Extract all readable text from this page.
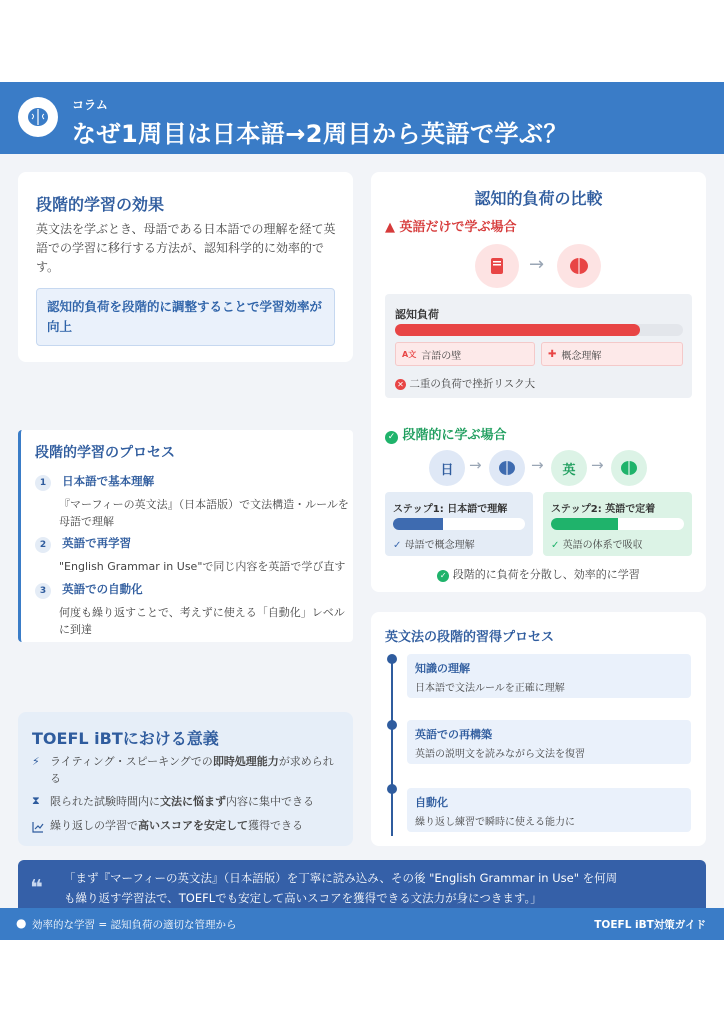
コラム
なぜ1周目は日本語→2周目から英語で学ぶ？
段階的学習の効果
英文法を学ぶとき、母語である日本語での理解を経て英語での学習に移行する方法が、認知科学的に効率的です。
認知的負荷を段階的に調整することで学習効率が向上
段階的学習のプロセス
1 日本語で基本理解
『マーフィーの英文法』（日本語版）で文法構造・ルールを母語で理解
2 英語で再学習
"English Grammar in Use"で同じ内容を英語で学び直す
3 英語での自動化
何度も繰り返すことで、考えずに使える「自動化」レベルに到達
TOEFL iBTにおける意義
⚡ ライティング・スピーキングでの即時処理能力が求められる
⧗ 限られた試験時間内に文法に悩まず内容に集中できる
繰り返しの学習で高いスコアを安定して獲得できる
認知的負荷の比較
▲ 英語だけで学ぶ場合
→
認知負荷
A文 言語の壁	✚ 概念理解
✕ 二重の負荷で挫折リスク大
✓ 段階的に学ぶ場合
日	→	→	英	→
ステップ1: 日本語で理解
✓ 母語で概念理解
ステップ2: 英語で定着
✓ 英語の体系で吸収
✓ 段階的に負荷を分散し、効率的に学習
英文法の段階的習得プロセス
知識の理解
日本語で文法ルールを正確に理解
英語での再構築
英語の説明文を読みながら文法を復習
自動化
繰り返し練習で瞬時に使える能力に
❝ 「まず『マーフィーの英文法』（日本語版）を丁寧に読み込み、その後 "English Grammar in Use" を何周
も繰り返す学習法で、TOEFLでも安定して高いスコアを獲得できる文法力が身につきます。」
● 効率的な学習 = 認知負荷の適切な管理から	TOEFL iBT対策ガイド
